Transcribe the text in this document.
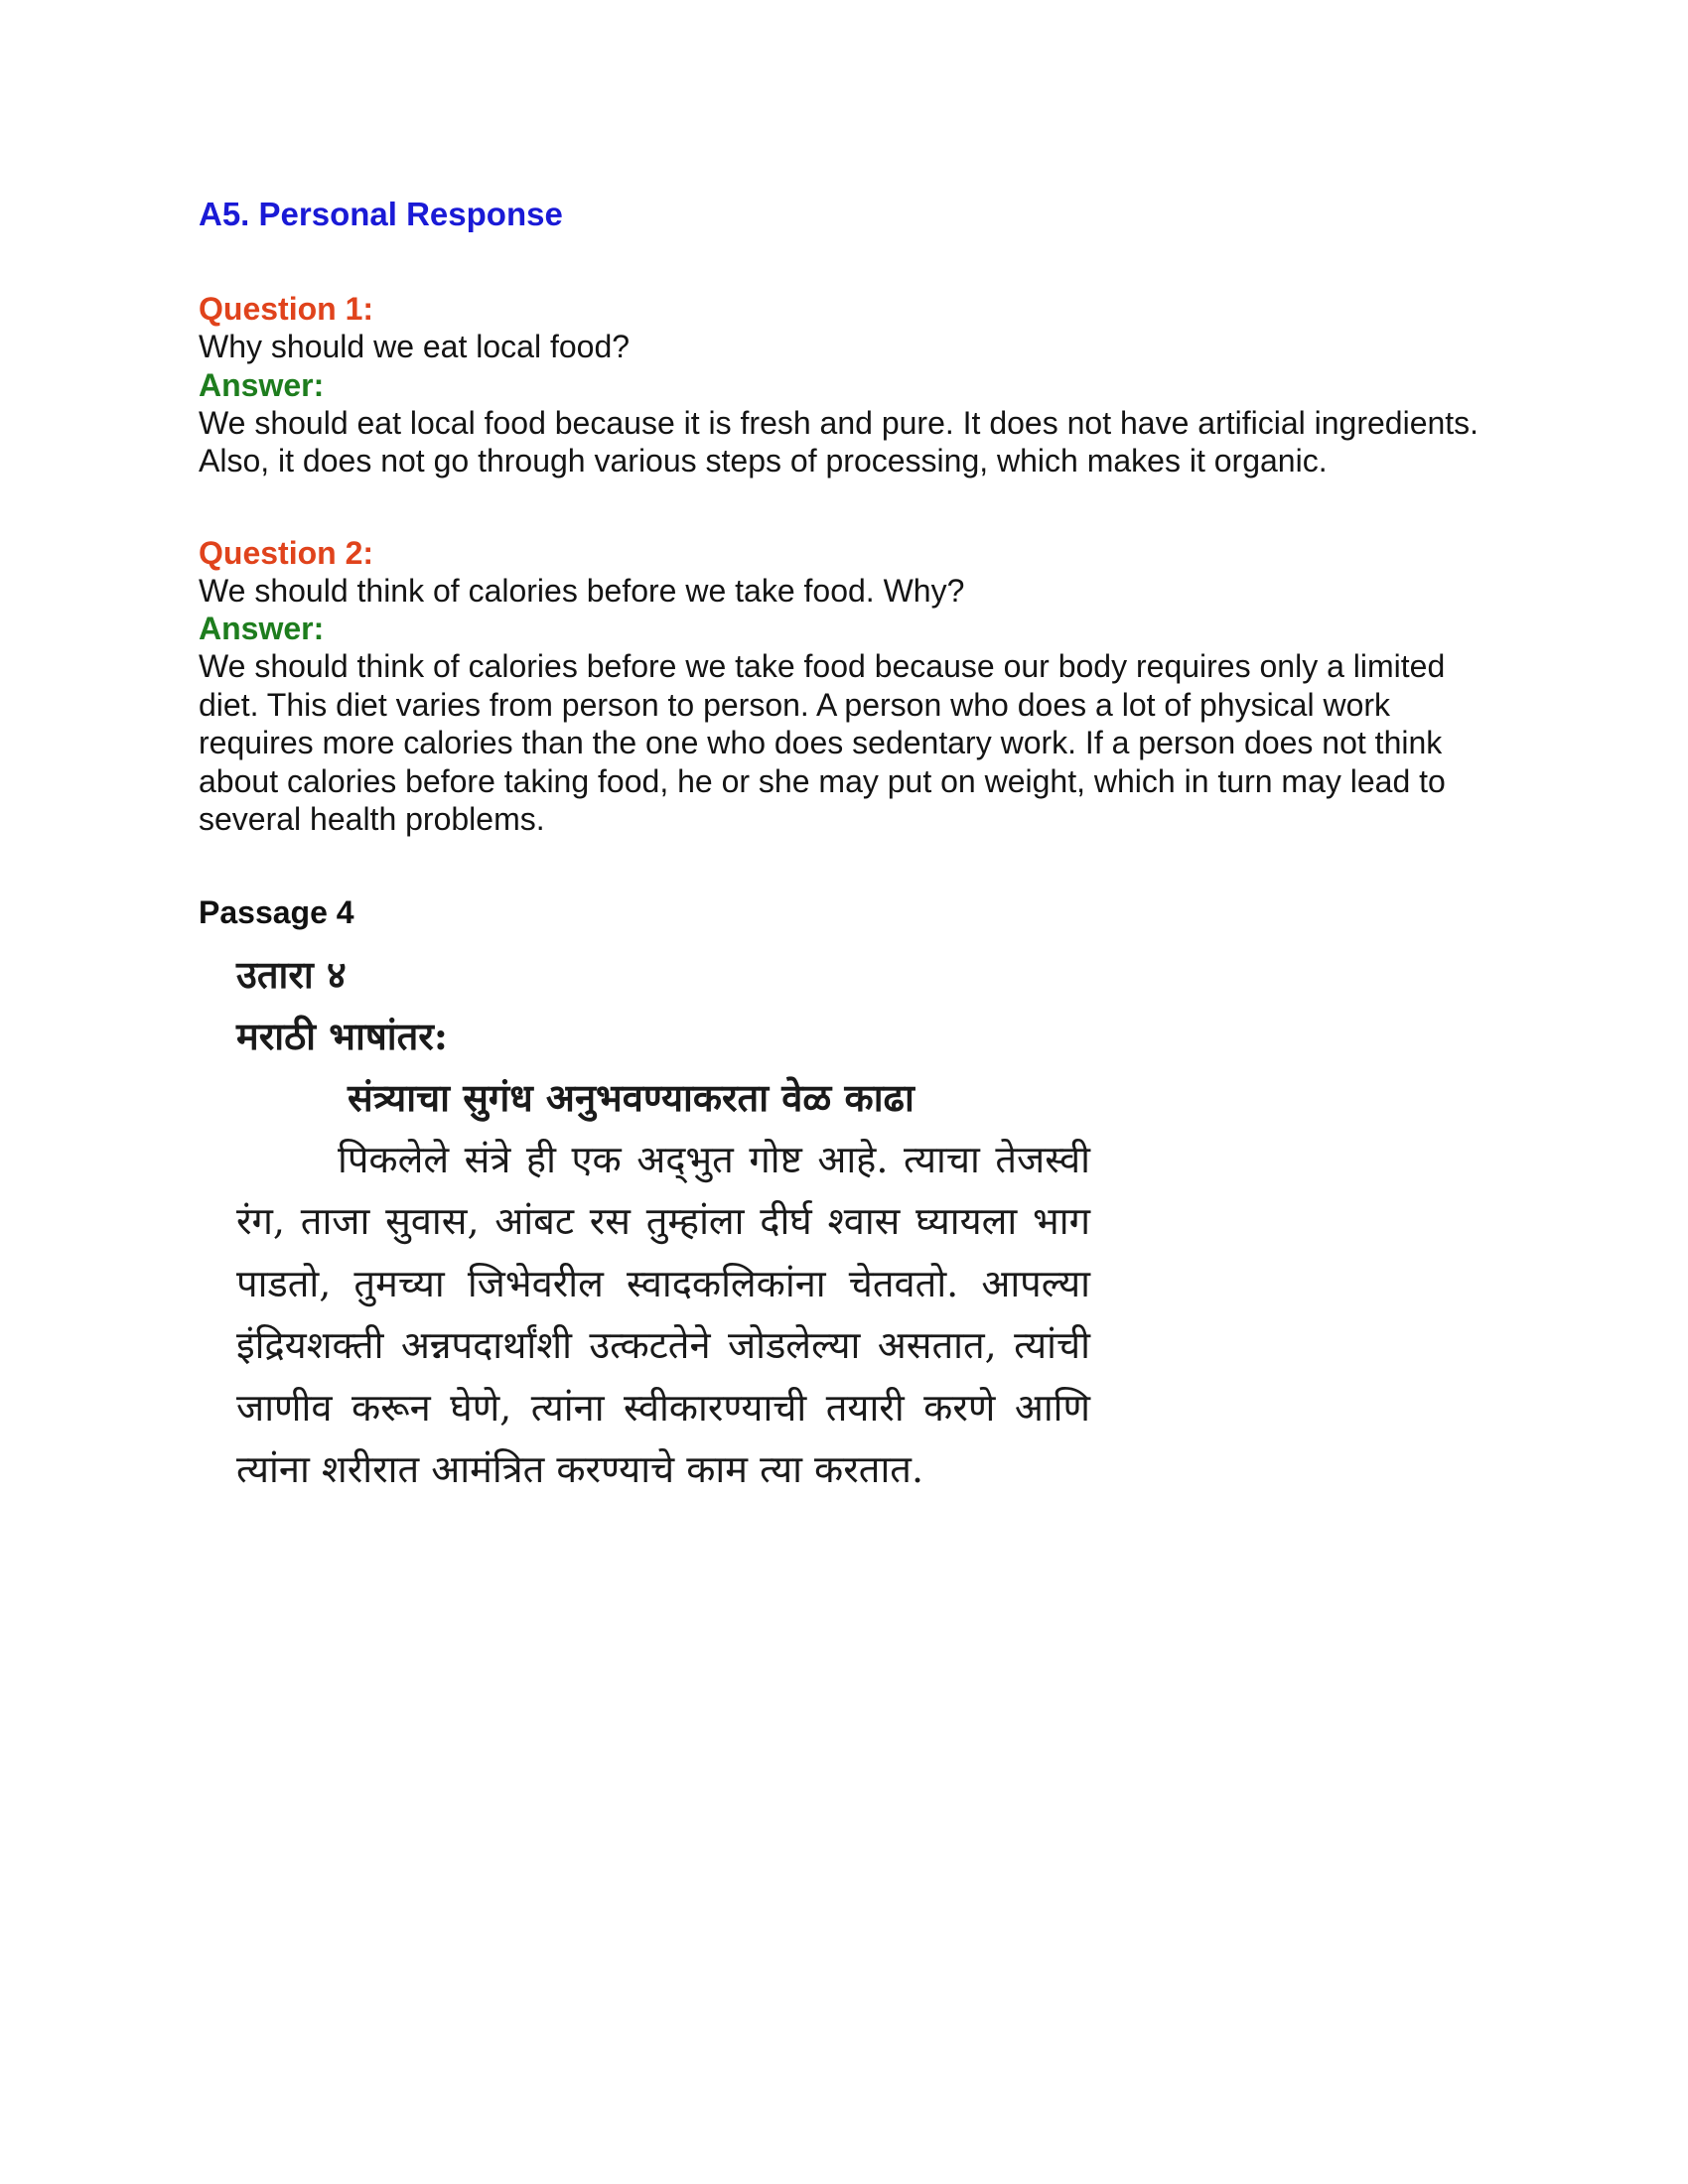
A5. Personal Response

Question 1:

Why should we eat local food?

Answer:

We should eat local food because it is fresh and pure. It does not have artificial ingredients. Also, it does not go through various steps of processing, which makes it organic.

Question 2:

We should think of calories before we take food. Why?

Answer:

We should think of calories before we take food because our body requires only a limited diet. This diet varies from person to person. A person who does a lot of physical work requires more calories than the one who does sedentary work. If a person does not think about calories before taking food, he or she may put on weight, which in turn may lead to several health problems.

Passage 4

उतारा ४

मराठी भाषांतर:

संत्र्याचा सुगंध अनुभवण्याकरता वेळ काढा

पिकलेले संत्रे ही एक अद्‌भुत गोष्ट आहे. त्याचा तेजस्वी रंग, ताजा सुवास, आंबट रस तुम्हांला दीर्घ श्वास घ्यायला भाग पाडतो, तुमच्या जिभेवरील स्वादकलिकांना चेतवतो. आपल्या इंद्रियशक्ती अन्नपदार्थांशी उत्कटतेने जोडलेल्या असतात, त्यांची जाणीव करून घेणे, त्यांना स्वीकारण्याची तयारी करणे आणि त्यांना शरीरात आमंत्रित करण्याचे काम त्या करतात.
